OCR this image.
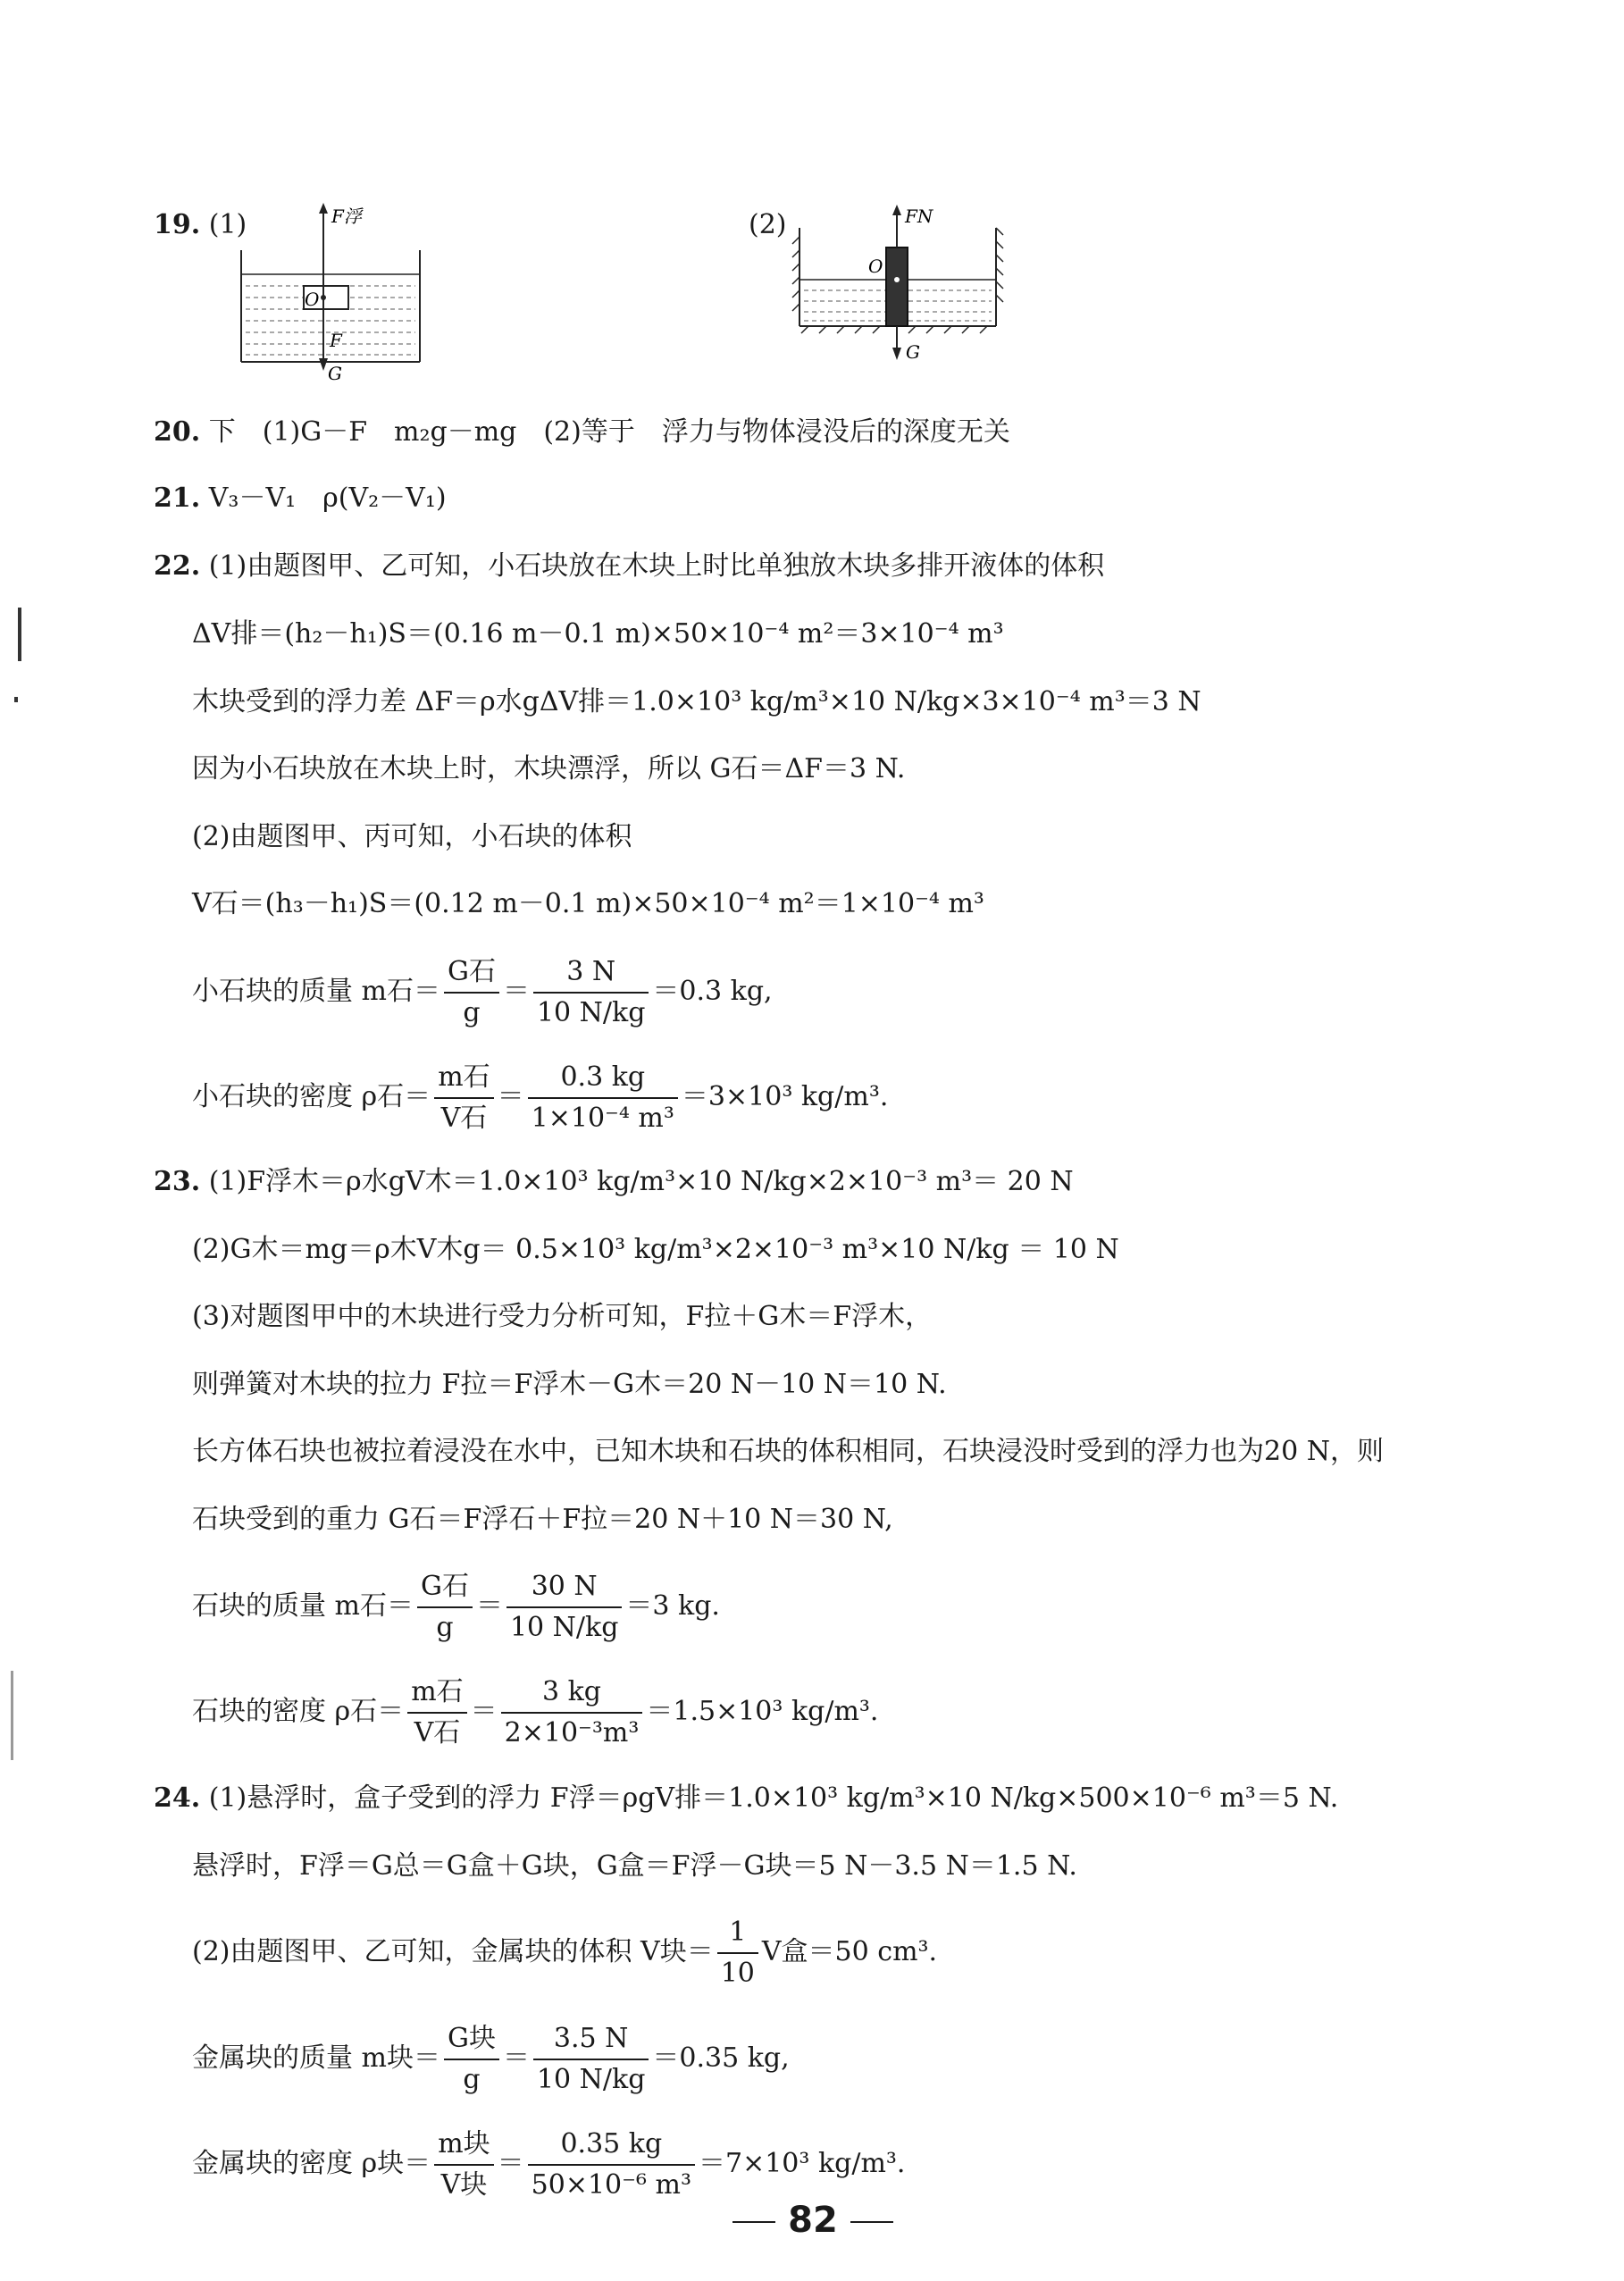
19. (1)	F浮
O
F
G
(2)	FN
O
G
20. 下　(1)G－F　m₂g－mg　(2)等于　浮力与物体浸没后的深度无关
21. V₃－V₁　ρ(V₂－V₁)
22. (1)由题图甲、乙可知，小石块放在木块上时比单独放木块多排开液体的体积
ΔV排＝(h₂－h₁)S＝(0.16 m－0.1 m)×50×10⁻⁴ m²＝3×10⁻⁴ m³
木块受到的浮力差 ΔF＝ρ水gΔV排＝1.0×10³ kg/m³×10 N/kg×3×10⁻⁴ m³＝3 N
因为小石块放在木块上时，木块漂浮，所以 G石＝ΔF＝3 N.
(2)由题图甲、丙可知，小石块的体积
V石＝(h₃－h₁)S＝(0.12 m－0.1 m)×50×10⁻⁴ m²＝1×10⁻⁴ m³
小石块的质量 m石＝ $\frac{\text{G石}}{g} = \frac{3 N}{10 N/kg} =0.3$ kg,
小石块的密度 ρ石＝ $\frac{\text{m石}}{\text{V石}} = \frac{0.3 kg}{\text{1×10⁻⁴ m³}} =3\times 10^3$ kg/m³.
23. (1)F浮木＝ρ水gV木＝1.0×10³ kg/m³×10 N/kg×2×10⁻³ m³＝ 20 N
(2)G木＝mg＝ρ木V木g＝ 0.5×10³ kg/m³×2×10⁻³ m³×10 N/kg ＝ 10 N
(3)对题图甲中的木块进行受力分析可知，F拉＋G木＝F浮木，
则弹簧对木块的拉力 F拉＝F浮木－G木＝20 N－10 N＝10 N.
长方体石块也被拉着浸没在水中，已知木块和石块的体积相同，石块浸没时受到的浮力也为20 N，则
石块受到的重力 G石＝F浮石＋F拉＝20 N＋10 N＝30 N,
石块的质量 m石＝ $\frac{\text{G石}}{g} = \frac{30 N}{10 N/kg} =3$ kg.
石块的密度 ρ石＝ $\frac{\text{m石}}{\text{V石}} = \frac{3 kg}{\text{2×10⁻³m³}} =1.5\times 10^3$ kg/m³.
24. (1)悬浮时，盒子受到的浮力 F浮＝ρgV排＝1.0×10³ kg/m³×10 N/kg×500×10⁻⁶ m³＝5 N.
悬浮时，F浮＝G总＝G盒＋G块，G盒＝F浮－G块＝5 N－3.5 N＝1.5 N.
(2)由题图甲、乙可知，金属块的体积 V块＝ $\frac{1}{10}$ V盒＝50 cm³.
金属块的质量 m块＝ $\frac{\text{G块}}{g} = \frac{3.5 N}{10 N/kg} =0.35$ kg,
金属块的密度 ρ块＝ $\frac{\text{m块}}{\text{V块}} = \frac{0.35 kg}{\text{50×10⁻⁶ m³}} =7\times 10^3$ kg/m³.
82
